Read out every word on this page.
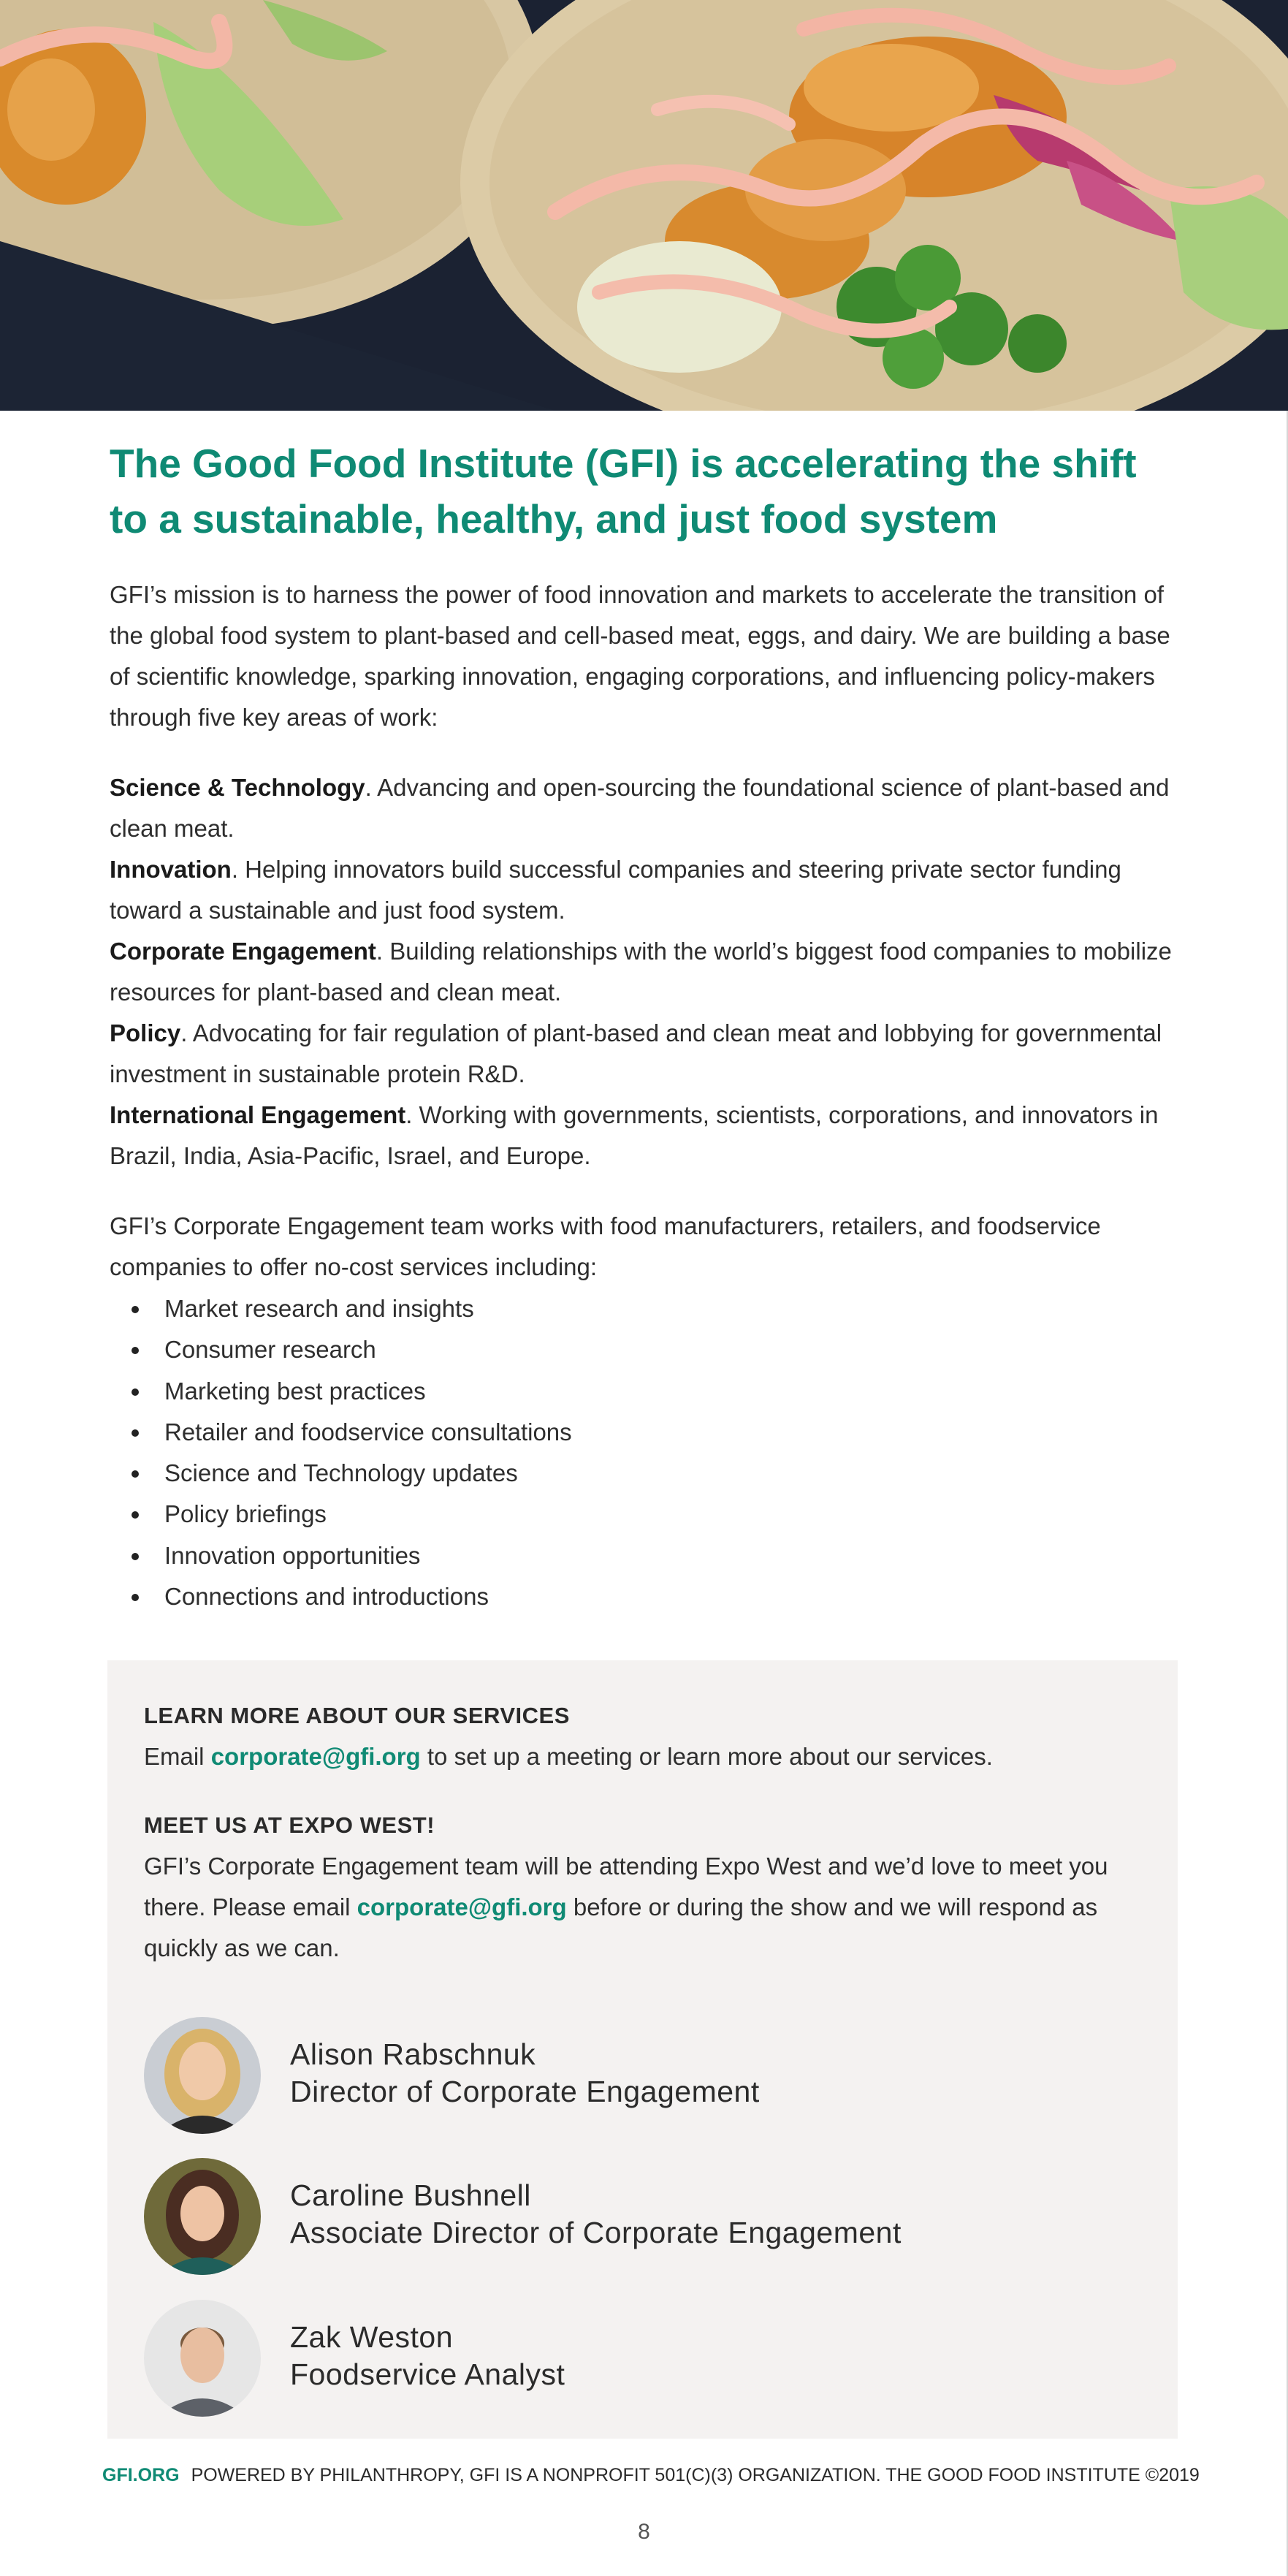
The Good Food Institute (GFI) is accelerating the shift to a sustainable, healthy, and just food system

GFI’s mission is to harness the power of food innovation and markets to accelerate the transition of the global food system to plant-based and cell-based meat, eggs, and dairy. We are building a base of scientific knowledge, sparking innovation, engaging corporations, and influencing policy-makers through five key areas of work:

Science & Technology. Advancing and open-sourcing the foundational science of plant-based and clean meat.

Innovation. Helping innovators build successful companies and steering private sector funding toward a sustainable and just food system.

Corporate Engagement. Building relationships with the world’s biggest food companies to mobilize resources for plant-based and clean meat.

Policy. Advocating for fair regulation of plant-based and clean meat and lobbying for governmental investment in sustainable protein R&D.

International Engagement. Working with governments, scientists, corporations, and innovators in Brazil, India, Asia-Pacific, Israel, and Europe.

GFI’s Corporate Engagement team works with food manufacturers, retailers, and foodservice companies to offer no-cost services including:

Market research and insights
Consumer research
Marketing best practices
Retailer and foodservice consultations
Science and Technology updates
Policy briefings
Innovation opportunities
Connections and introductions
LEARN MORE ABOUT OUR SERVICES

Email corporate@gfi.org to set up a meeting or learn more about our services.

MEET US AT EXPO WEST!

GFI’s Corporate Engagement team will be attending Expo West and we’d love to meet you there. Please email corporate@gfi.org before or during the show and we will respond as quickly as we can.

Alison Rabschnuk
Director of Corporate Engagement
Caroline Bushnell
Associate Director of Corporate Engagement
Zak Weston
Foodservice Analyst
GFI.ORG POWERED BY PHILANTHROPY, GFI IS A NONPROFIT 501(C)(3) ORGANIZATION. THE GOOD FOOD INSTITUTE ©2019
8
